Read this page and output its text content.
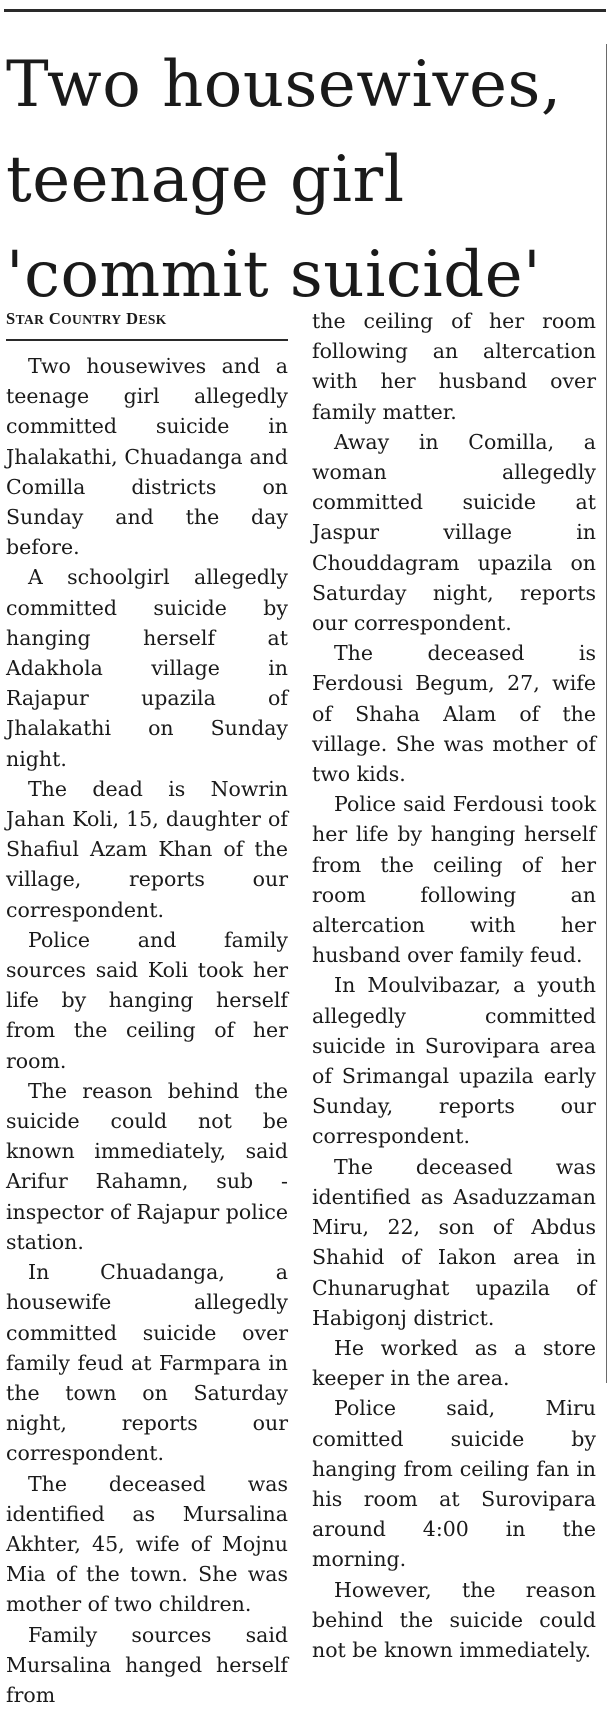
Two housewives,
teenage girl
'commit suicide'
STAR COUNTRY DESK

Two housewives and a teenage girl allegedly committed suicide in Jhalakathi, Chuadanga and Comilla districts on Sunday and the day before.

A schoolgirl allegedly committed suicide by hanging herself at Adakhola village in Rajapur upazila of Jhalakathi on Sunday night.

The dead is Nowrin Jahan Koli, 15, daughter of Shafiul Azam Khan of the village, reports our correspondent.

Police and family sources said Koli took her life by hanging herself from the ceiling of her room.

The reason behind the suicide could not be known immediately, said Arifur Rahamn, sub -inspector of Rajapur police station.

In Chuadanga, a housewife allegedly committed suicide over family feud at Farmpara in the town on Saturday night, reports our correspondent.

The deceased was identified as Mursalina Akhter, 45, wife of Mojnu Mia of the town. She was mother of two children.

Family sources said Mursalina hanged herself from

the ceiling of her room following an altercation with her husband over family matter.

Away in Comilla, a woman allegedly committed suicide at Jaspur village in Chouddagram upazila on Saturday night, reports our correspondent.

The deceased is Ferdousi Begum, 27, wife of Shaha Alam of the village. She was mother of two kids.

Police said Ferdousi took her life by hanging herself from the ceiling of her room following an altercation with her husband over family feud.

In Moulvibazar, a youth allegedly committed suicide in Surovipara area of Srimangal upazila early Sunday, reports our correspondent.

The deceased was identified as Asaduzzaman Miru, 22, son of Abdus Shahid of Iakon area in Chunarughat upazila of Habigonj district.

He worked as a store keeper in the area.

Police said, Miru comitted suicide by hanging from ceiling fan in his room at Surovipara around 4:00 in the morning.

However, the reason behind the suicide could not be known immediately.
